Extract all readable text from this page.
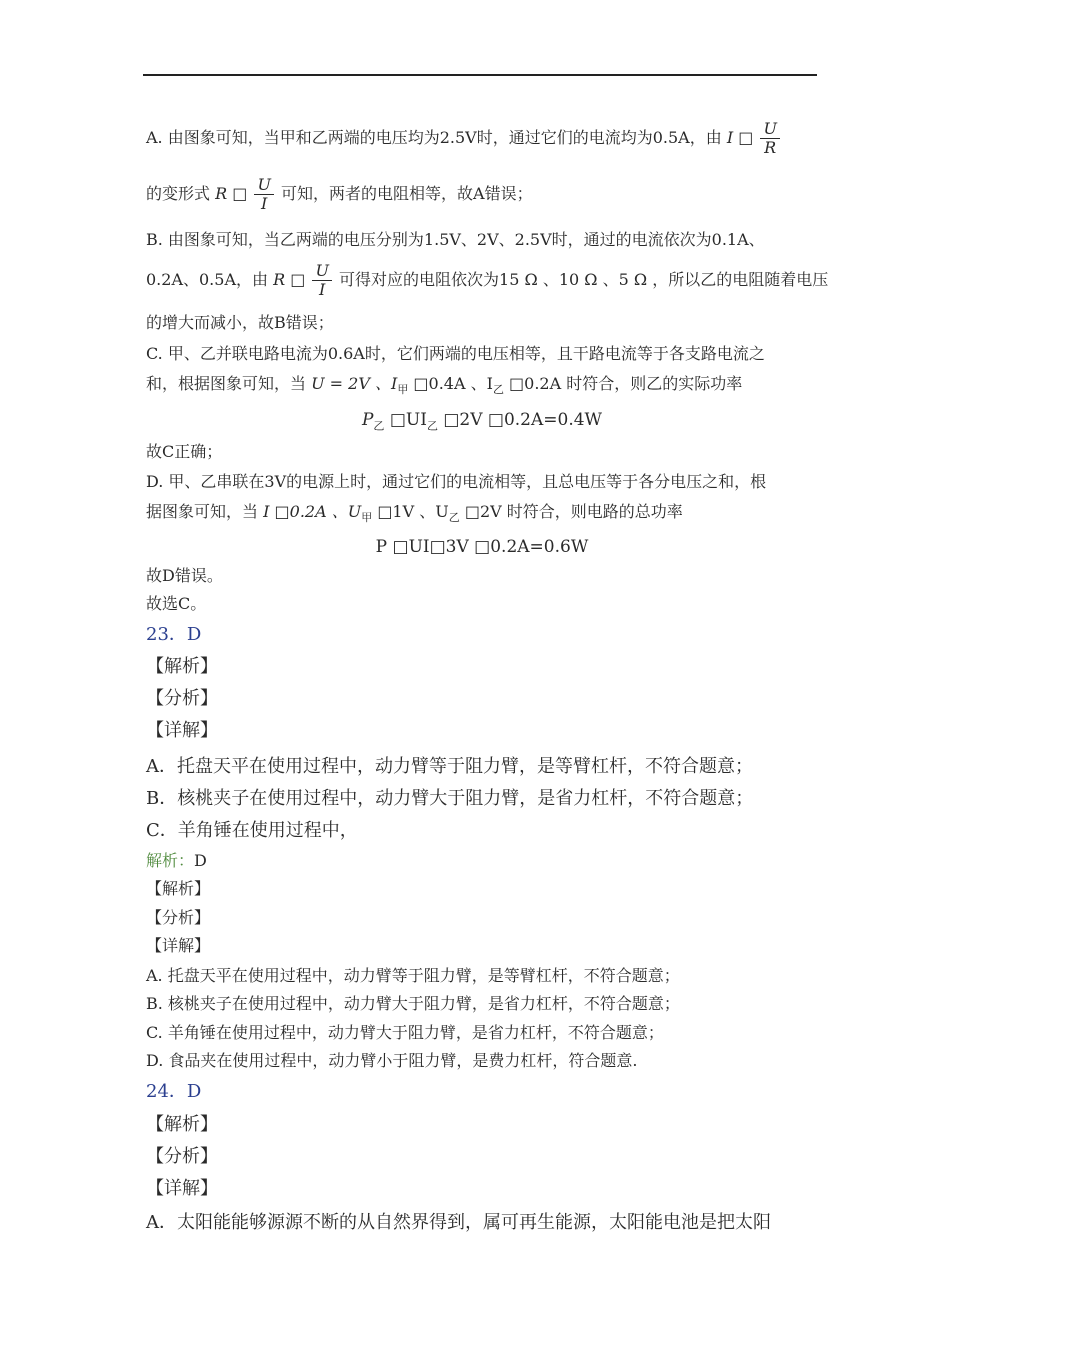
A. 由图象可知，当甲和乙两端的电压均为2.5V时，通过它们的电流均为0.5A，由 I □ $\frac{U}{R}$
的变形式 R □ $\frac{U}{I}$ 可知，两者的电阻相等，故A错误；
B. 由图象可知，当乙两端的电压分别为1.5V、2V、2.5V时，通过的电流依次为0.1A、
0.2A、0.5A，由 R □ $\frac{U}{I}$ 可得对应的电阻依次为15 Ω 、10 Ω 、5 Ω ，所以乙的电阻随着电压
的增大而减小，故B错误；
C. 甲、乙并联电路电流为0.6A时，它们两端的电压相等，且干路电流等于各支路电流之
和，根据图象可知，当 U = 2V 、$I_甲$ □0.4A 、$I_乙$ □0.2A 时符合，则乙的实际功率
$P_乙$ $□UI_乙$ □2V □0.2A=0.4W
故C正确；
D. 甲、乙串联在3V的电源上时，通过它们的电流相等，且总电压等于各分电压之和，根
据图象可知，当 I □0.2A 、$U_甲$ □1V 、$U_乙$ □2V 时符合，则电路的总功率
P □UI□3V □0.2A=0.6W
故D错误。
故选C。
23．D
【解析】
【分析】
【详解】
A．托盘天平在使用过程中，动力臂等于阻力臂，是等臂杠杆，不符合题意；
B．核桃夹子在使用过程中，动力臂大于阻力臂，是省力杠杆，不符合题意；
C．羊角锤在使用过程中，
解析：D
【解析】
【分析】
【详解】
A. 托盘天平在使用过程中，动力臂等于阻力臂，是等臂杠杆，不符合题意；
B. 核桃夹子在使用过程中，动力臂大于阻力臂，是省力杠杆，不符合题意；
C. 羊角锤在使用过程中，动力臂大于阻力臂，是省力杠杆，不符合题意；
D. 食品夹在使用过程中，动力臂小于阻力臂，是费力杠杆，符合题意.
24．D
【解析】
【分析】
【详解】
A．太阳能能够源源不断的从自然界得到，属可再生能源，太阳能电池是把太阳
